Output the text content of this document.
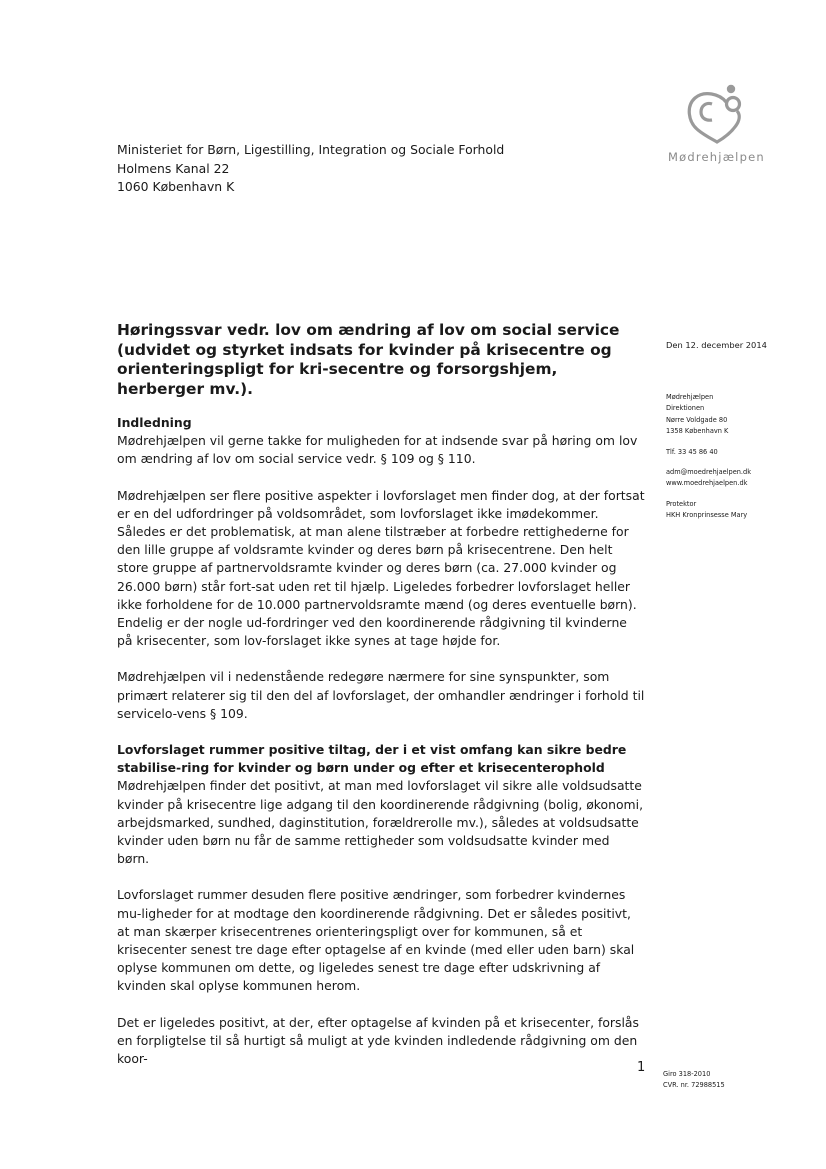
Ministeriet for Børn, Ligestilling, Integration og Sociale Forhold
Holmens Kanal 22
1060 København K
Mødrehjælpen
Høringssvar vedr. lov om ændring af lov om social service (udvidet og styrket indsats for kvinder på krisecentre og orienteringspligt for kri-secentre og forsorgshjem, herberger mv.).
Den 12. december 2014
Mødrehjælpen
Direktionen
Nørre Voldgade 80
1358 København K
Tlf. 33 45 86 40
adm@moedrehjaelpen.dk
www.moedrehjaelpen.dk
Protektor
HKH Kronprinsesse Mary
Indledning

Mødrehjælpen vil gerne takke for muligheden for at indsende svar på høring om lov om ændring af lov om social service vedr. § 109 og § 110.

Mødrehjælpen ser flere positive aspekter i lovforslaget men finder dog, at der fortsat er en del udfordringer på voldsområdet, som lovforslaget ikke imødekommer. Således er det problematisk, at man alene tilstræber at forbedre rettighederne for den lille gruppe af voldsramte kvinder og deres børn på krisecentrene. Den helt store gruppe af partnervoldsramte kvinder og deres børn (ca. 27.000 kvinder og 26.000 børn) står fort-sat uden ret til hjælp. Ligeledes forbedrer lovforslaget heller ikke forholdene for de 10.000 partnervoldsramte mænd (og deres eventuelle børn). Endelig er der nogle ud-fordringer ved den koordinerende rådgivning til kvinderne på krisecenter, som lov-forslaget ikke synes at tage højde for.

Mødrehjælpen vil i nedenstående redegøre nærmere for sine synspunkter, som primært relaterer sig til den del af lovforslaget, der omhandler ændringer i forhold til servicelo-vens § 109.

Lovforslaget rummer positive tiltag, der i et vist omfang kan sikre bedre stabilise-ring for kvinder og børn under og efter et krisecenterophold

Mødrehjælpen finder det positivt, at man med lovforslaget vil sikre alle voldsudsatte kvinder på krisecentre lige adgang til den koordinerende rådgivning (bolig, økonomi, arbejdsmarked, sundhed, daginstitution, forældrerolle mv.), således at voldsudsatte kvinder uden børn nu får de samme rettigheder som voldsudsatte kvinder med børn.

Lovforslaget rummer desuden flere positive ændringer, som forbedrer kvindernes mu-ligheder for at modtage den koordinerende rådgivning. Det er således positivt, at man skærper krisecentrenes orienteringspligt over for kommunen, så et krisecenter senest tre dage efter optagelse af en kvinde (med eller uden barn) skal oplyse kommunen om dette, og ligeledes senest tre dage efter udskrivning af kvinden skal oplyse kommunen herom.

Det er ligeledes positivt, at der, efter optagelse af kvinden på et krisecenter, forslås en forpligtelse til så hurtigt så muligt at yde kvinden indledende rådgivning om den koor-

1	Giro 318-2010
CVR. nr. 72988515
